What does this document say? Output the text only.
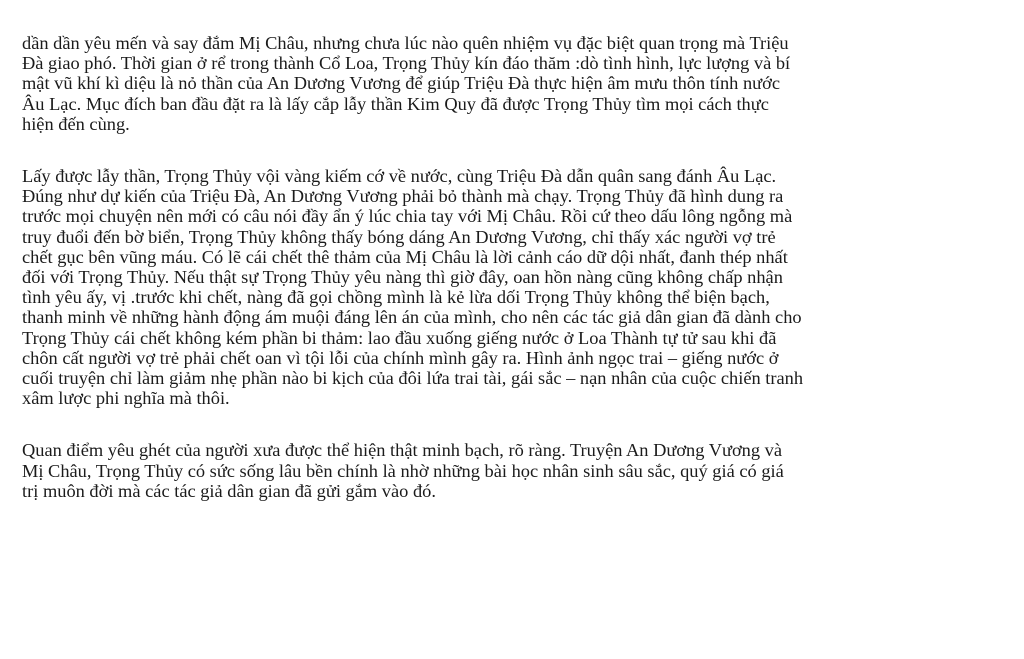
dần dần yêu mến và say đắm Mị Châu, nhưng chưa lúc nào quên nhiệm vụ đặc biệt quan trọng mà Triệu
Đà giao phó. Thời gian ở rể trong thành Cổ Loa, Trọng Thủy kín đáo thăm :dò tình hình, lực lượng và bí
mật vũ khí kì diệu là nỏ thần của An Dương Vương để giúp Triệu Đà thực hiện âm mưu thôn tính nước
Âu Lạc. Mục đích ban đầu đặt ra là lấy cắp lẫy thần Kim Quy đã được Trọng Thủy tìm mọi cách thực
hiện đến cùng.

Lấy được lẫy thần, Trọng Thủy vội vàng kiếm cớ về nước, cùng Triệu Đà dẫn quân sang đánh Âu Lạc.
Đúng như dự kiến của Triệu Đà, An Dương Vương phải bỏ thành mà chạy. Trọng Thủy đã hình dung ra
trước mọi chuyện nên mới có câu nói đầy ẩn ý lúc chia tay với Mị Châu. Rồi cứ theo dấu lông ngỗng mà
truy đuổi đến bờ biển, Trọng Thủy không thấy bóng dáng An Dương Vương, chỉ thấy xác người vợ trẻ
chết gục bên vũng máu. Có lẽ cái chết thê thảm của Mị Châu là lời cảnh cáo dữ dội nhất, đanh thép nhất
đối với Trọng Thủy. Nếu thật sự Trọng Thủy yêu nàng thì giờ đây, oan hồn nàng cũng không chấp nhận
tình yêu ấy, vị .trước khi chết, nàng đã gọi chồng mình là kẻ lừa dối Trọng Thủy không thể biện bạch,
thanh minh về những hành động ám muội đáng lên án của mình, cho nên các tác giả dân gian đã dành cho
Trọng Thủy cái chết không kém phần bi thảm: lao đầu xuống giếng nước ở Loa Thành tự tử sau khi đã
chôn cất người vợ trẻ phải chết oan vì tội lỗi của chính mình gây ra. Hình ảnh ngọc trai – giếng nước ở
cuối truyện chỉ làm giảm nhẹ phần nào bi kịch của đôi lứa trai tài, gái sắc – nạn nhân của cuộc chiến tranh
xâm lược phi nghĩa mà thôi.

Quan điểm yêu ghét của người xưa được thể hiện thật minh bạch, rõ ràng. Truyện An Dương Vương và
Mị Châu, Trọng Thủy có sức sống lâu bền chính là nhờ những bài học nhân sinh sâu sắc, quý giá có giá
trị muôn đời mà các tác giả dân gian đã gửi gắm vào đó.
